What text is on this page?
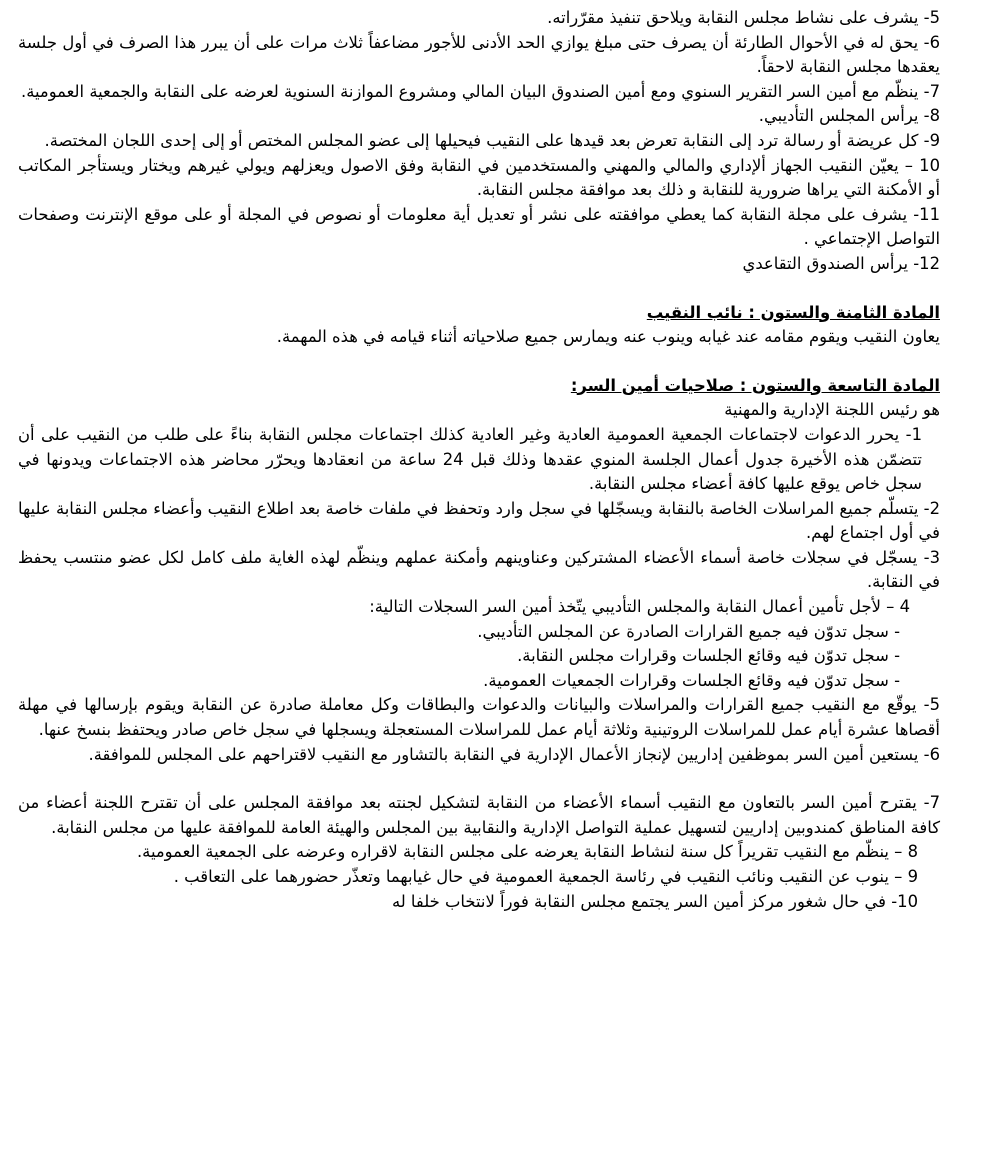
5- يشرف على نشاط مجلس النقابة ويلاحق تنفيذ مقرّراته.

6- يحق له في الأحوال الطارئة أن يصرف حتى مبلغ يوازي الحد الأدنى للأجور مضاعفاً ثلاث مرات على أن يبرر هذا الصرف في أول جلسة يعقدها مجلس النقابة لاحقاً.

7- ينظّم مع أمين السر التقرير السنوي ومع أمين الصندوق البيان المالي ومشروع الموازنة السنوية لعرضه على النقابة والجمعية العمومية.

8- يرأس المجلس التأديبي.

9- كل عريضة أو رسالة ترد إلى النقابة تعرض بعد قيدها على النقيب فيحيلها إلى عضو المجلس المختص أو إلى إحدى اللجان المختصة.

10 – يعيّن النقيب الجهاز ألإداري والمالي والمهني والمستخدمين في النقابة وفق الاصول ويعزلهم ويولي غيرهم ويختار ويستأجر المكاتب أو الأمكنة التي يراها ضرورية للنقابة و ذلك بعد موافقة مجلس النقابة.

11- يشرف على مجلة النقابة كما يعطي موافقته على نشر أو تعديل أية معلومات أو نصوص في المجلة أو على موقع الإنترنت وصفحات التواصل الإجتماعي .

12- يرأس الصندوق التقاعدي

المادة الثامنة والستون : نائب النقيب

يعاون النقيب ويقوم مقامه عند غيابه وينوب عنه ويمارس جميع صلاحياته أثناء قيامه في هذه المهمة.

المادة التاسعة والستون : صلاحيات أمين السر:

هو رئيس اللجنة الإدارية والمهنية

1- يحرر الدعوات لاجتماعات الجمعية العمومية العادية وغير العادية كذلك اجتماعات مجلس النقابة بناءً على طلب من النقيب على أن تتضمّن هذه الأخيرة جدول أعمال الجلسة المنوي عقدها وذلك قبل 24 ساعة من انعقادها ويحرّر محاضر هذه الاجتماعات ويدونها في سجل خاص يوقع عليها كافة أعضاء مجلس النقابة.

2- يتسلّم جميع المراسلات الخاصة بالنقابة ويسجّلها في سجل وارد وتحفظ في ملفات خاصة بعد اطلاع النقيب وأعضاء مجلس النقابة عليها في أول اجتماع لهم.

3- يسجّل في سجلات خاصة أسماء الأعضاء المشتركين وعناوينهم وأمكنة عملهم وينظّم لهذه الغاية ملف كامل لكل عضو منتسب يحفظ في النقابة.

4 – لأجل تأمين أعمال النقابة والمجلس التأديبي يتّخذ أمين السر السجلات التالية:

- سجل تدوّن فيه جميع القرارات الصادرة عن المجلس التأديبي.

- سجل تدوّن فيه وقائع الجلسات وقرارات مجلس النقابة.

- سجل تدوّن فيه وقائع الجلسات وقرارات الجمعيات العمومية.

5- يوقّع مع النقيب جميع القرارات والمراسلات والبيانات والدعوات والبطاقات وكل معاملة صادرة عن النقابة ويقوم بإرسالها في مهلة أقصاها عشرة أيام عمل للمراسلات الروتينية وثلاثة أيام عمل للمراسلات المستعجلة ويسجلها في سجل خاص صادر ويحتفظ بنسخ عنها.

6- يستعين أمين السر بموظفين إداريين لإنجاز الأعمال الإدارية في النقابة بالتشاور مع النقيب لاقتراحهم على المجلس للموافقة.

7- يقترح أمين السر بالتعاون مع النقيب أسماء الأعضاء من النقابة لتشكيل لجنته بعد موافقة المجلس على أن تقترح اللجنة أعضاء من كافة المناطق كمندوبين إداريين لتسهيل عملية التواصل الإدارية والنقابية بين المجلس والهيئة العامة للموافقة عليها من مجلس النقابة.

8 – ينظّم مع النقيب تقريراً كل سنة لنشاط النقابة يعرضه على مجلس النقابة لاقراره وعرضه على الجمعية العمومية.

9 – ينوب عن النقيب ونائب النقيب في رئاسة الجمعية العمومية في حال غيابهما وتعذّر حضورهما على التعاقب .

10- في حال شغور مركز أمين السر يجتمع مجلس النقابة فوراً لانتخاب خلفا له
